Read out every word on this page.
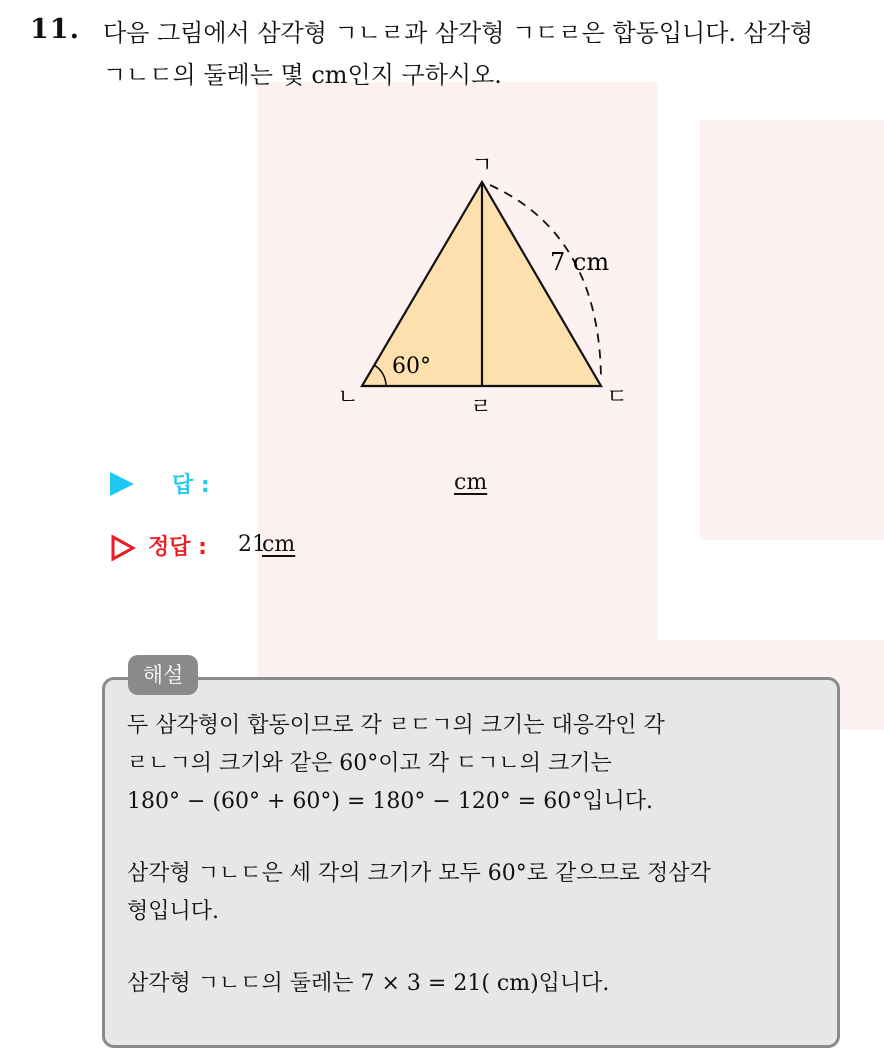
11. 다음 그림에서 삼각형 ㄱㄴㄹ과 삼각형 ㄱㄷㄹ은 합동입니다. 삼각형
ㄱㄴㄷ의 둘레는 몇 cm인지 구하시오.
ㄱ
ㄴ	ㄷ
ㄹ
7 cm
60°
답 :	cm
정답 : 21
cm
해설
두 삼각형이 합동이므로 각 ㄹㄷㄱ의 크기는 대응각인 각
ㄹㄴㄱ의 크기와 같은 60°이고 각 ㄷㄱㄴ의 크기는
180° − (60° + 60°) = 180° − 120° = 60°입니다.
삼각형 ㄱㄴㄷ은 세 각의 크기가 모두 60°로 같으므로 정삼각
형입니다.
삼각형 ㄱㄴㄷ의 둘레는 7 × 3 = 21( cm)입니다.
